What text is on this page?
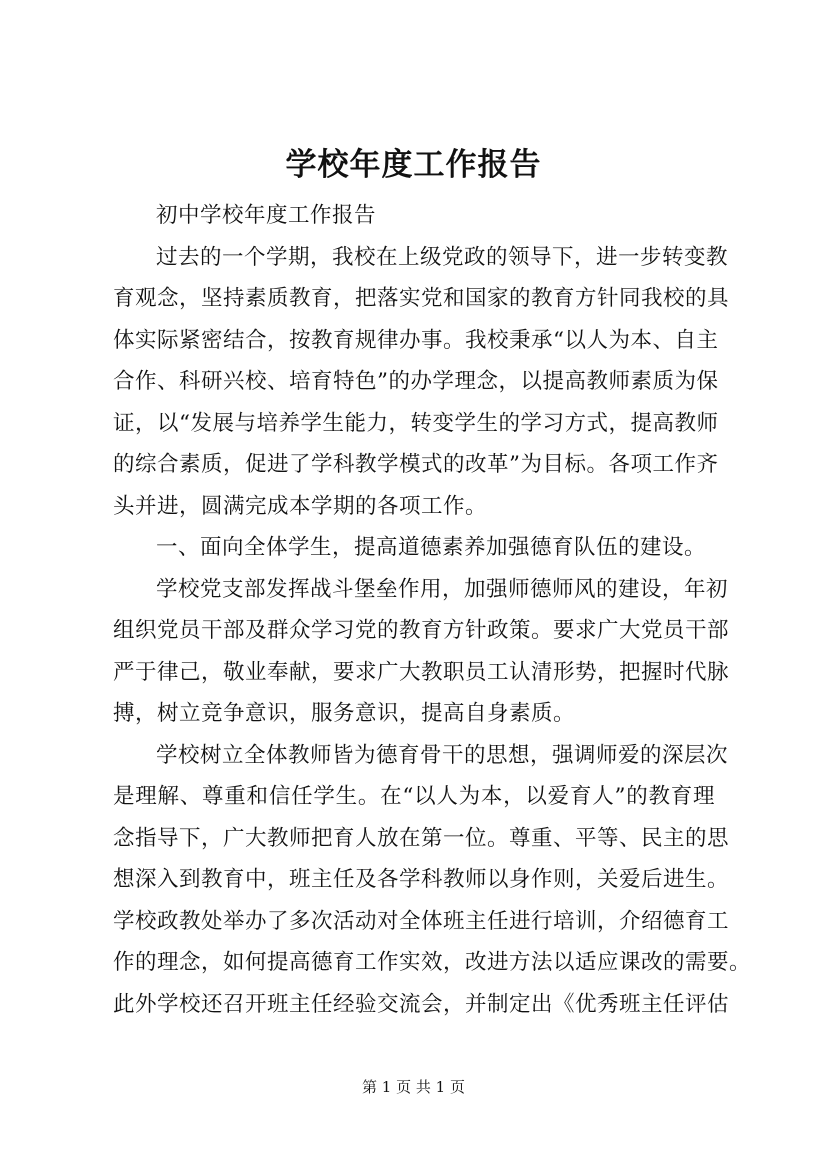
学校年度工作报告
初中学校年度工作报告
过去的一个学期，我校在上级党政的领导下，进一步转变教
育观念，坚持素质教育，把落实党和国家的教育方针同我校的具
体实际紧密结合，按教育规律办事。我校秉承“以人为本、自主
合作、科研兴校、培育特色”的办学理念，以提高教师素质为保
证，以“发展与培养学生能力，转变学生的学习方式，提高教师
的综合素质，促进了学科教学模式的改革”为目标。各项工作齐
头并进，圆满完成本学期的各项工作。
一、面向全体学生，提高道德素养加强德育队伍的建设。
学校党支部发挥战斗堡垒作用，加强师德师风的建设，年初
组织党员干部及群众学习党的教育方针政策。要求广大党员干部
严于律己，敬业奉献，要求广大教职员工认清形势，把握时代脉
搏，树立竞争意识，服务意识，提高自身素质。
学校树立全体教师皆为德育骨干的思想，强调师爱的深层次
是理解、尊重和信任学生。在“以人为本，以爱育人”的教育理
念指导下，广大教师把育人放在第一位。尊重、平等、民主的思
想深入到教育中，班主任及各学科教师以身作则，关爱后进生。
学校政教处举办了多次活动对全体班主任进行培训，介绍德育工
作的理念，如何提高德育工作实效，改进方法以适应课改的需要。
此外学校还召开班主任经验交流会，并制定出《优秀班主任评估
第 1 页 共 1 页
